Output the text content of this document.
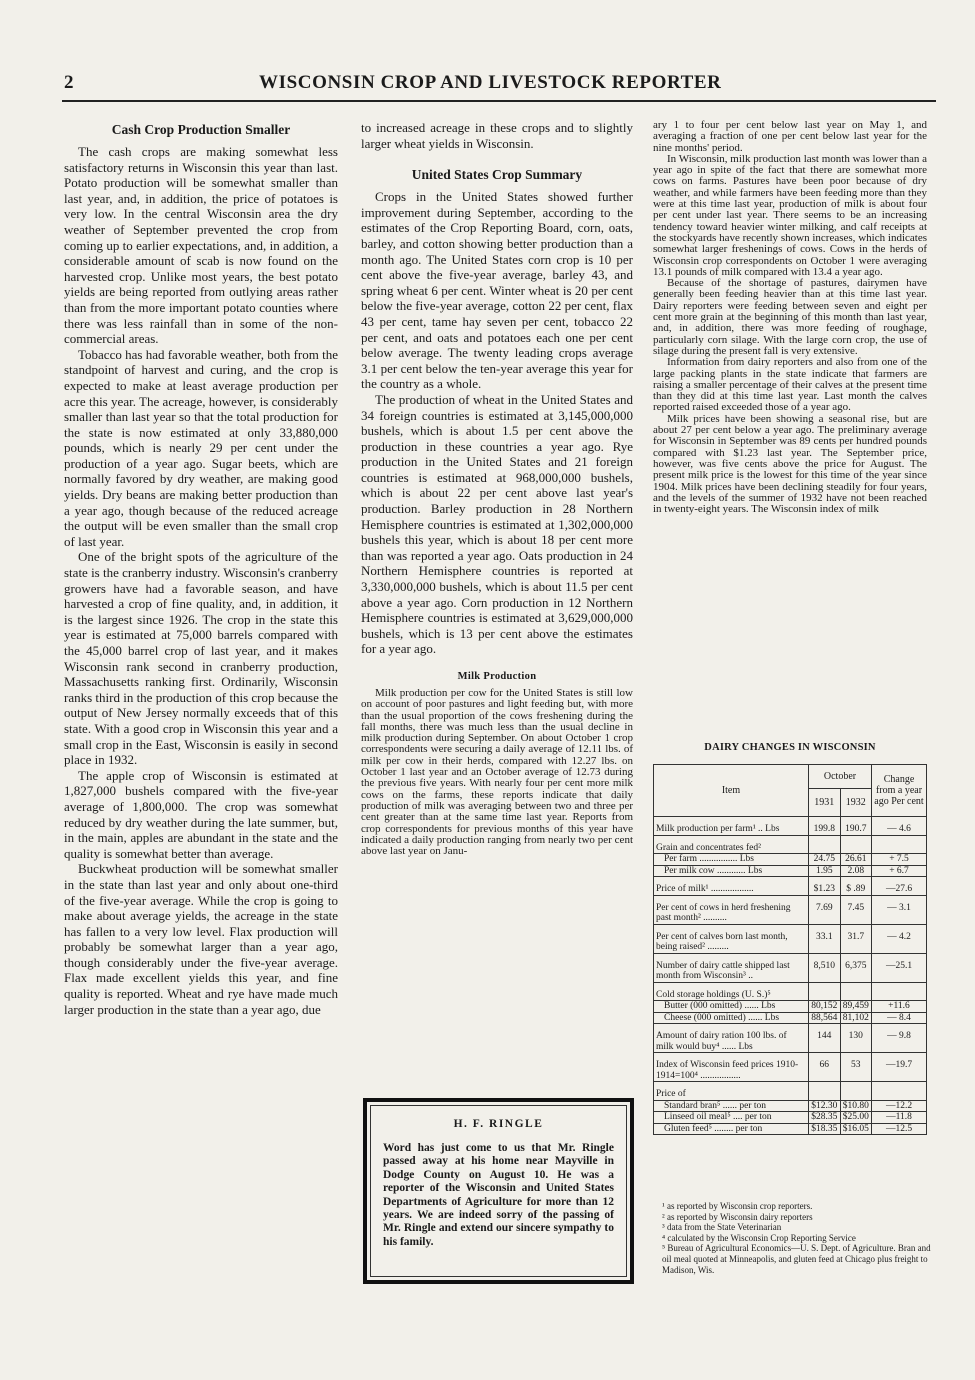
2	WISCONSIN CROP AND LIVESTOCK REPORTER
Cash Crop Production Smaller

The cash crops are making somewhat less satisfactory returns in Wisconsin this year than last. Potato production will be somewhat smaller than last year, and, in addition, the price of potatoes is very low. In the central Wisconsin area the dry weather of September prevented the crop from coming up to earlier expectations, and, in addition, a considerable amount of scab is now found on the harvested crop. Unlike most years, the best potato yields are being reported from outlying areas rather than from the more important potato counties where there was less rainfall than in some of the non-commercial areas.

Tobacco has had favorable weather, both from the standpoint of harvest and curing, and the crop is expected to make at least average production per acre this year. The acreage, however, is considerably smaller than last year so that the total production for the state is now estimated at only 33,880,000 pounds, which is nearly 29 per cent under the production of a year ago. Sugar beets, which are normally favored by dry weather, are making good yields. Dry beans are making better production than a year ago, though because of the reduced acreage the output will be even smaller than the small crop of last year.

One of the bright spots of the agriculture of the state is the cranberry industry. Wisconsin's cranberry growers have had a favorable season, and have harvested a crop of fine quality, and, in addition, it is the largest since 1926. The crop in the state this year is estimated at 75,000 barrels compared with the 45,000 barrel crop of last year, and it makes Wisconsin rank second in cranberry production, Massachusetts ranking first. Ordinarily, Wisconsin ranks third in the production of this crop because the output of New Jersey normally exceeds that of this state. With a good crop in Wisconsin this year and a small crop in the East, Wisconsin is easily in second place in 1932.

The apple crop of Wisconsin is estimated at 1,827,000 bushels compared with the five-year average of 1,800,000. The crop was somewhat reduced by dry weather during the late summer, but, in the main, apples are abundant in the state and the quality is somewhat better than average.

Buckwheat production will be somewhat smaller in the state than last year and only about one-third of the five-year average. While the crop is going to make about average yields, the acreage in the state has fallen to a very low level. Flax production will probably be somewhat larger than a year ago, though considerably under the five-year average. Flax made excellent yields this year, and fine quality is reported. Wheat and rye have made much larger production in the state than a year ago, due

to increased acreage in these crops and to slightly larger wheat yields in Wisconsin.

United States Crop Summary

Crops in the United States showed further improvement during September, according to the estimates of the Crop Reporting Board, corn, oats, barley, and cotton showing better production than a month ago. The United States corn crop is 10 per cent above the five-year average, barley 43, and spring wheat 6 per cent. Winter wheat is 20 per cent below the five-year average, cotton 22 per cent, flax 43 per cent, tame hay seven per cent, tobacco 22 per cent, and oats and potatoes each one per cent below average. The twenty leading crops average 3.1 per cent below the ten-year average this year for the country as a whole.

The production of wheat in the United States and 34 foreign countries is estimated at 3,145,000,000 bushels, which is about 1.5 per cent above the production in these countries a year ago. Rye production in the United States and 21 foreign countries is estimated at 968,000,000 bushels, which is about 22 per cent above last year's production. Barley production in 28 Northern Hemisphere countries is estimated at 1,302,000,000 bushels this year, which is about 18 per cent more than was reported a year ago. Oats production in 24 Northern Hemisphere countries is reported at 3,330,000,000 bushels, which is about 11.5 per cent above a year ago. Corn production in 12 Northern Hemisphere countries is estimated at 3,629,000,000 bushels, which is 13 per cent above the estimates for a year ago.

Milk Production

Milk production per cow for the United States is still low on account of poor pastures and light feeding but, with more than the usual proportion of the cows freshening during the fall months, there was much less than the usual decline in milk production during September. On about October 1 crop correspondents were securing a daily average of 12.11 lbs. of milk per cow in their herds, compared with 12.27 lbs. on October 1 last year and an October average of 12.73 during the previous five years. With nearly four per cent more milk cows on the farms, these reports indicate that daily production of milk was averaging between two and three per cent greater than at the same time last year. Reports from crop correspondents for previous months of this year have indicated a daily production ranging from nearly two per cent above last year on Janu-

H. F. RINGLE
Word has just come to us that Mr. Ringle passed away at his home near Mayville in Dodge County on August 10. He was a reporter of the Wisconsin and United States Departments of Agriculture for more than 12 years. We are indeed sorry of the passing of Mr. Ringle and extend our sincere sympathy to his family.

ary 1 to four per cent below last year on May 1, and averaging a fraction of one per cent below last year for the nine months' period.

In Wisconsin, milk production last month was lower than a year ago in spite of the fact that there are somewhat more cows on farms. Pastures have been poor because of dry weather, and while farmers have been feeding more than they were at this time last year, production of milk is about four per cent under last year. There seems to be an increasing tendency toward heavier winter milking, and calf receipts at the stockyards have recently shown increases, which indicates somewhat larger freshenings of cows. Cows in the herds of Wisconsin crop correspondents on October 1 were averaging 13.1 pounds of milk compared with 13.4 a year ago.

Because of the shortage of pastures, dairymen have generally been feeding heavier than at this time last year. Dairy reporters were feeding between seven and eight per cent more grain at the beginning of this month than last year, and, in addition, there was more feeding of roughage, particularly corn silage. With the large corn crop, the use of silage during the present fall is very extensive.

Information from dairy reporters and also from one of the large packing plants in the state indicate that farmers are raising a smaller percentage of their calves at the present time than they did at this time last year. Last month the calves reported raised exceeded those of a year ago.

Milk prices have been showing a seasonal rise, but are about 27 per cent below a year ago. The preliminary average for Wisconsin in September was 89 cents per hundred pounds compared with $1.23 last year. The September price, however, was five cents above the price for August. The present milk price is the lowest for this time of the year since 1904. Milk prices have been declining steadily for four years, and the levels of the summer of 1932 have not been reached in twenty-eight years. The Wisconsin index of milk

DAIRY CHANGES IN WISCONSIN
Item	October		Change from a year ago Per cent
	1931	1932	
Milk production per farm¹ .. Lbs	199.8	190.7	— 4.6
Grain and concentrates fed²			
Per farm ................ Lbs	24.75	26.61	+ 7.5
Per milk cow ............ Lbs	1.95	2.08	+ 6.7
Price of milk¹ ..................	$1.23	$ .89	—27.6
Per cent of cows in herd freshening past month² ..........	7.69	7.45	— 3.1
Per cent of calves born last month, being raised² .........	33.1	31.7	— 4.2
Number of dairy cattle shipped last month from Wisconsin³ ..	8,510	6,375	—25.1
Cold storage holdings (U. S.)⁵			
Butter (000 omitted) ...... Lbs	80,152	89,459	+11.6
Cheese (000 omitted) ...... Lbs	88,564	81,102	— 8.4
Amount of dairy ration 100 lbs. of milk would buy⁴ ...... Lbs	144	130	— 9.8
Index of Wisconsin feed prices 1910-1914=100⁴ .................	66	53	—19.7
Price of			
Standard bran⁵ ...... per ton	$12.30	$10.80	—12.2
Linseed oil meal⁵ .... per ton	$28.35	$25.00	—11.8
Gluten feed⁵ ........ per ton	$18.35	$16.05	—12.5

¹ as reported by Wisconsin crop reporters.

² as reported by Wisconsin dairy reporters

³ data from the State Veterinarian

⁴ calculated by the Wisconsin Crop Reporting Service

⁵ Bureau of Agricultural Economics—U. S. Dept. of Agriculture. Bran and oil meal quoted at Minneapolis, and gluten feed at Chicago plus freight to Madison, Wis.
